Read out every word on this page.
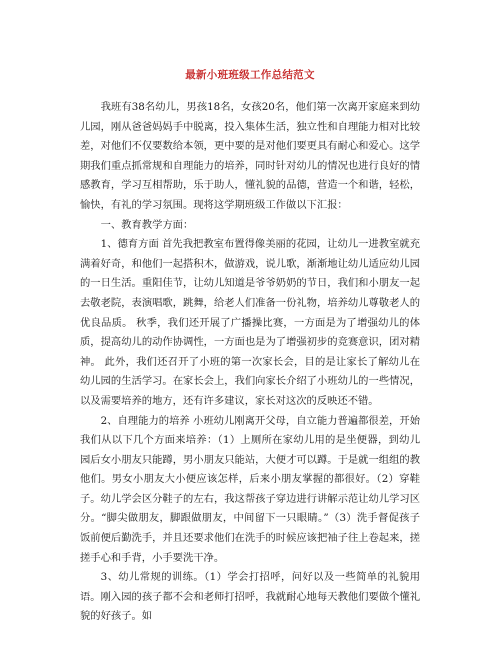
最新小班班级工作总结范文

我班有38名幼儿，男孩18名，女孩20名，他们第一次离开家庭来到幼儿园，刚从爸爸妈妈手中脱离，投入集体生活，独立性和自理能力相对比较差，对他们不仅要数给本领，更中要的是对他们要更具有耐心和爱心。这学期我们重点抓常规和自理能力的培养，同时针对幼儿的情况也进行良好的情感教育，学习互相帮助，乐于助人，懂礼貌的品德，营造一个和谐，轻松，愉快，有礼的学习氛围。现将这学期班级工作做以下汇报：

一、教育教学方面：

1、德育方面 首先我把教室布置得像美丽的花园，让幼儿一进教室就充满着好奇，和他们一起搭积木，做游戏，说儿歌，渐渐地让幼儿适应幼儿园的一日生活。重阳佳节，让幼儿知道是爷爷奶奶的节日，我们和小朋友一起去敬老院，表演唱歌，跳舞，给老人们准备一份礼物，培养幼儿尊敬老人的优良品质。 秋季，我们还开展了广播操比赛，一方面是为了增强幼儿的体质，提高幼儿的动作协调性，一方面也是为了增强初步的竞赛意识，团对精神。 此外，我们还召开了小班的第一次家长会，目的是让家长了解幼儿在幼儿园的生活学习。在家长会上，我们向家长介绍了小班幼儿的一些情况，以及需要培养的地方，还有许多建议，家长对这次的反映还不错。

2、自理能力的培养 小班幼儿刚离开父母，自立能力普遍都很差，开始我们从以下几个方面来培养：（1）上厕所在家幼儿用的是坐便器，到幼儿园后女小朋友只能蹲，男小朋友只能站，大便才可以蹲。于是就一组组的教他们。男女小朋友大小便应该怎样，后来小朋友掌握的都很好。（2）穿鞋子。幼儿学会区分鞋子的左右，我这帮孩子穿边进行讲解示范让幼儿学习区分。“脚尖做朋友，脚跟做朋友，中间留下一只眼睛。”（3）洗手督促孩子饭前便后勤洗手，并且还要求他们在洗手的时候应该把袖子往上卷起来，搓搓手心和手背，小手要洗干净。

3、幼儿常规的训练。（1）学会打招呼，问好以及一些简单的礼貌用语。刚入园的孩子都不会和老师打招呼，我就耐心地每天教他们要做个懂礼貌的好孩子。如
